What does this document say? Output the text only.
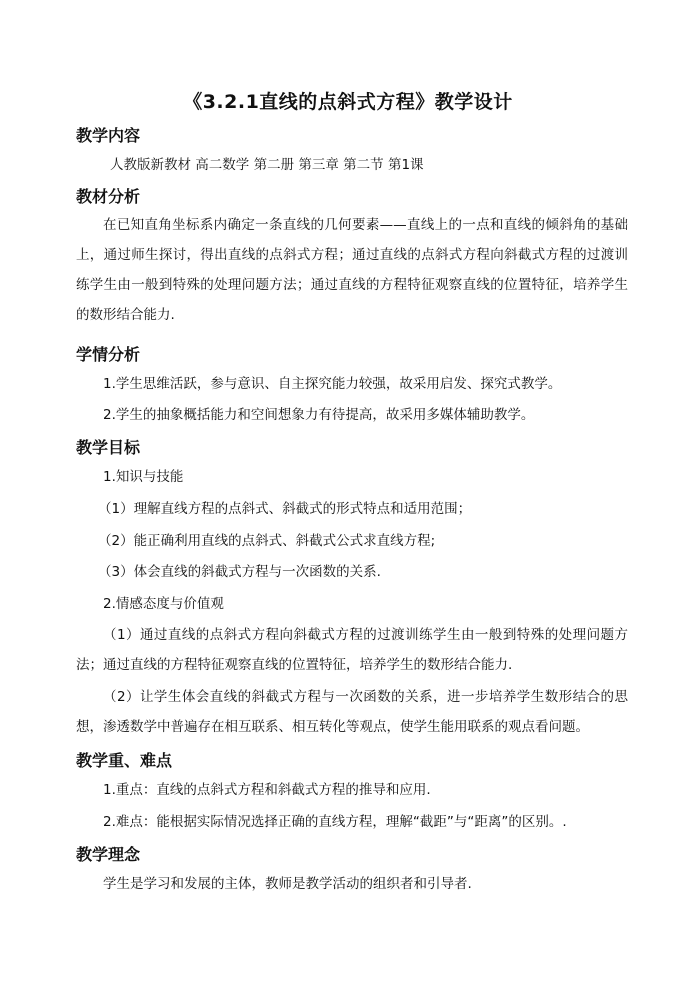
《3.2.1直线的点斜式方程》教学设计
教学内容
人教版新教材 高二数学 第二册 第三章 第二节 第1课
教材分析
在已知直角坐标系内确定一条直线的几何要素——直线上的一点和直线的倾斜角的基础上，通过师生探讨，得出直线的点斜式方程；通过直线的点斜式方程向斜截式方程的过渡训练学生由一般到特殊的处理问题方法；通过直线的方程特征观察直线的位置特征，培养学生的数形结合能力.
学情分析
1.学生思维活跃，参与意识、自主探究能力较强，故采用启发、探究式教学。
2.学生的抽象概括能力和空间想象力有待提高，故采用多媒体辅助教学。
教学目标
1.知识与技能
（1）理解直线方程的点斜式、斜截式的形式特点和适用范围；
（2）能正确利用直线的点斜式、斜截式公式求直线方程;
（3）体会直线的斜截式方程与一次函数的关系.
2.情感态度与价值观
（1）通过直线的点斜式方程向斜截式方程的过渡训练学生由一般到特殊的处理问题方法；通过直线的方程特征观察直线的位置特征，培养学生的数形结合能力.
（2）让学生体会直线的斜截式方程与一次函数的关系，进一步培养学生数形结合的思想，渗透数学中普遍存在相互联系、相互转化等观点，使学生能用联系的观点看问题。
教学重、难点
1.重点：直线的点斜式方程和斜截式方程的推导和应用.
2.难点：能根据实际情况选择正确的直线方程，理解“截距”与“距离”的区别。.
教学理念
学生是学习和发展的主体，教师是教学活动的组织者和引导者.
